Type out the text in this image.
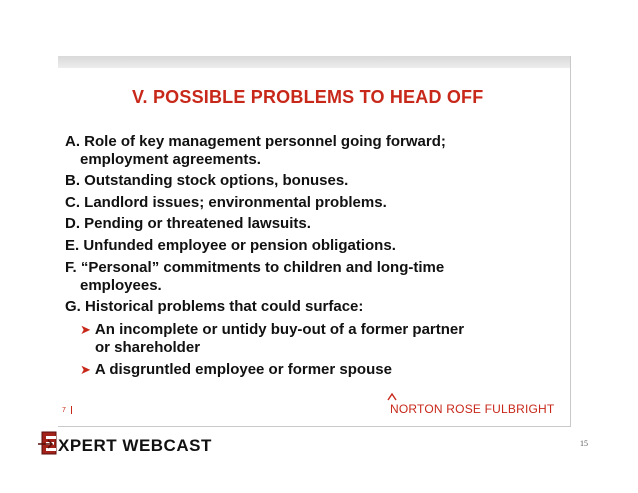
V. POSSIBLE PROBLEMS TO HEAD OFF
A. Role of key management personnel going forward;
employment agreements.
B. Outstanding stock options, bonuses.
C. Landlord issues; environmental problems.
D. Pending or threatened lawsuits.
E. Unfunded employee or pension obligations.
F. “Personal” commitments to children and long-time
employees.
G. Historical problems that could surface:
➤ An incomplete or untidy buy-out of a former partner
or shareholder
➤ A disgruntled employee or former spouse
7	NORTON ROSE FULBRIGHT
XPERT WEBCAST	15
